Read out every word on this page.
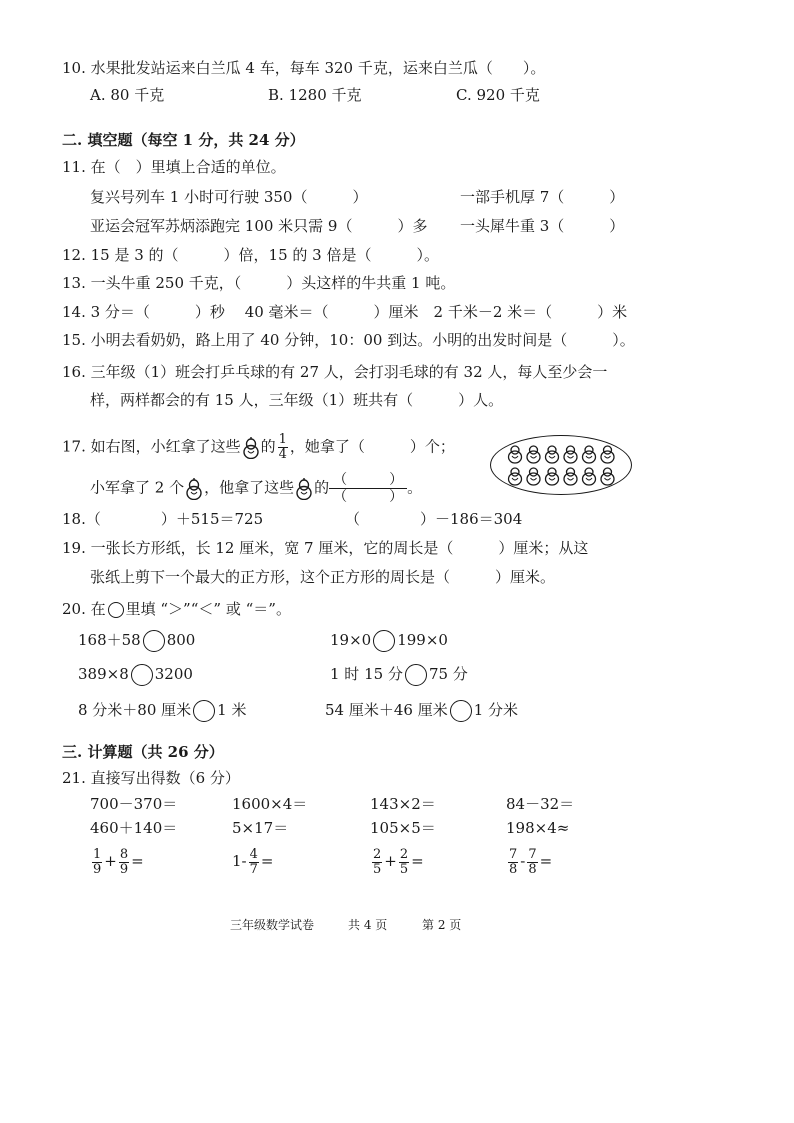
10. 水果批发站运来白兰瓜 4 车，每车 320 千克，运来白兰瓜（　　）。
A. 80 千克	B. 1280 千克	C. 920 千克
二. 填空题（每空 1 分，共 24 分）
11. 在（　）里填上合适的单位。
复兴号列车 1 小时可行驶 350（　　　）	一部手机厚 7（　　　）
亚运会冠军苏炳添跑完 100 米只需 9（　　　）多 一头犀牛重 3（　　　）
12. 15 是 3 的（　　　）倍，15 的 3 倍是（　　　）。
13. 一头牛重 250 千克，（　　　）头这样的牛共重 1 吨。
14. 3 分＝（　　　）秒　 40 毫米＝（　　　）厘米　2 千米－2 米＝（　　　）米
15. 小明去看奶奶，路上用了 40 分钟，10：00 到达。小明的出发时间是（　　　）。
16. 三年级（1）班会打乒乓球的有 27 人，会打羽毛球的有 32 人，每人至少会一
样，两样都会的有 15 人，三年级（1）班共有（　　　）人。
17. 如右图，小红拿了这些 的 $\frac{1}{4}$ ，她拿了（　　　）个；
小军拿了 2 个 ，他拿了这些 的 （　　　）
（　　　）。
18.（　　　　）＋515＝725	（　　　　）－186＝304
19. 一张长方形纸，长 12 厘米，宽 7 厘米，它的周长是（　　　）厘米；从这
张纸上剪下一个最大的正方形，这个正方形的周长是（　　　）厘米。
20. 在 里填 “＞”“＜” 或 “＝”。
168＋58 800	19×0 199×0
389×8 3200	1 时 15 分 75 分
8 分米＋80 厘米 1 米	54 厘米＋46 厘米 1 分米
三. 计算题（共 26 分）
21. 直接写出得数（6 分）
700－370＝	1600×4＝	143×2＝	84－32＝
460＋140＝	5×17＝	105×5＝	198×4≈
$\frac{1}{9} + \frac{8}{9}$ =	$1- \frac{4}{7}$ =	$\frac{2}{5} + \frac{2}{5}$ =	$\frac{7}{8} - \frac{7}{8}$ =
三年级数学试卷	共 4 页	第 2 页
